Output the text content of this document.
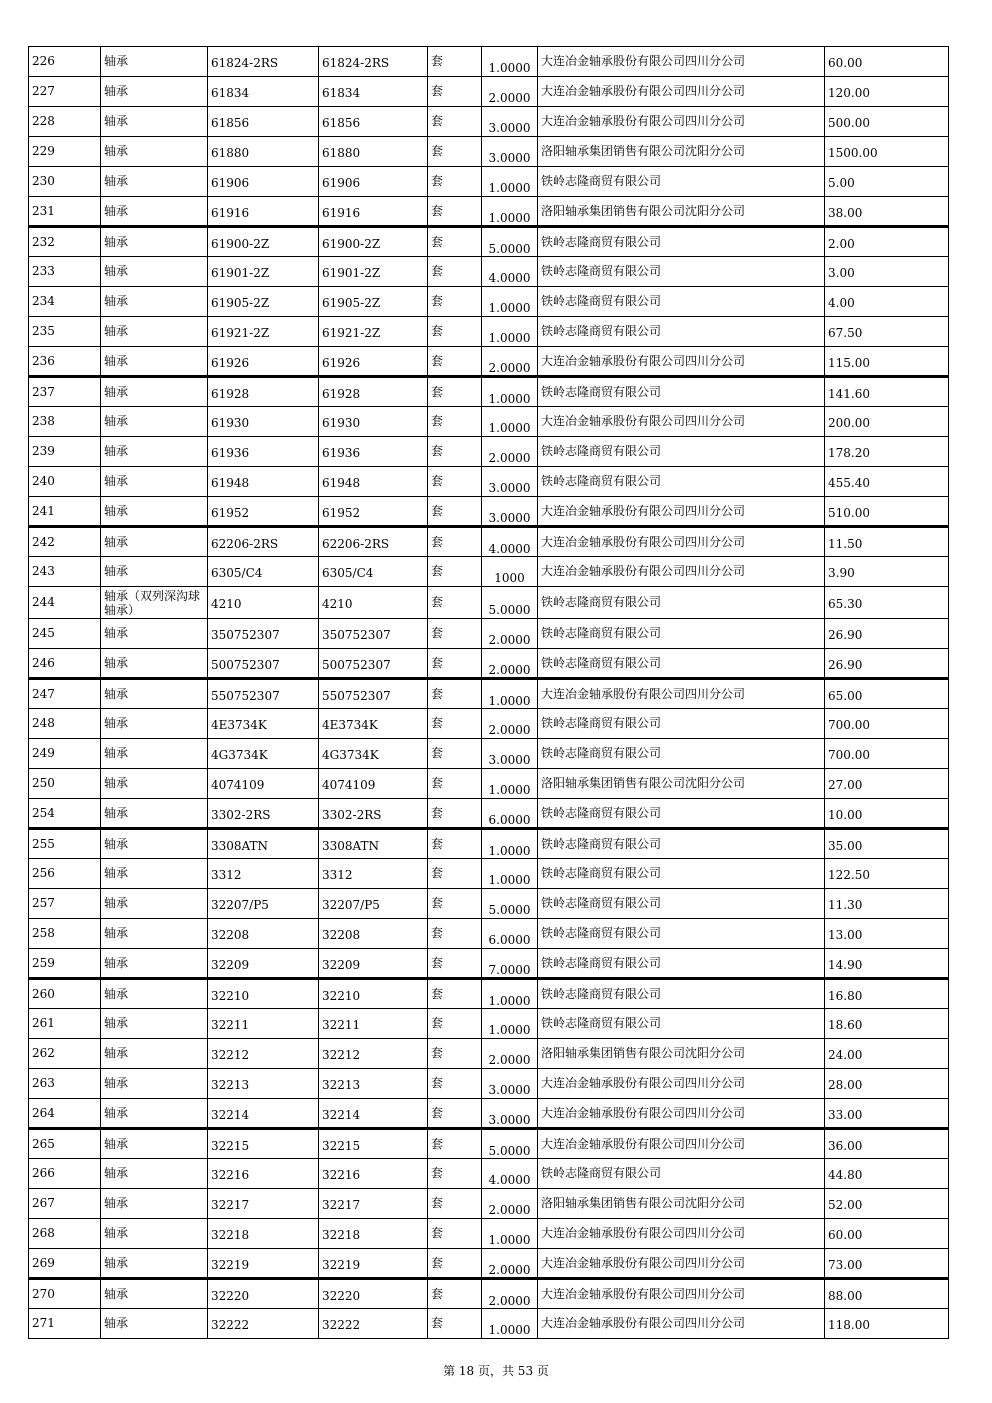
226	轴承	61824-2RS	61824-2RS	套	1.0000	大连冶金轴承股份有限公司四川分公司	60.00
227	轴承	61834	61834	套	2.0000	大连冶金轴承股份有限公司四川分公司	120.00
228	轴承	61856	61856	套	3.0000	大连冶金轴承股份有限公司四川分公司	500.00
229	轴承	61880	61880	套	3.0000	洛阳轴承集团销售有限公司沈阳分公司	1500.00
230	轴承	61906	61906	套	1.0000	铁岭志隆商贸有限公司	5.00
231	轴承	61916	61916	套	1.0000	洛阳轴承集团销售有限公司沈阳分公司	38.00
232	轴承	61900-2Z	61900-2Z	套	5.0000	铁岭志隆商贸有限公司	2.00
233	轴承	61901-2Z	61901-2Z	套	4.0000	铁岭志隆商贸有限公司	3.00
234	轴承	61905-2Z	61905-2Z	套	1.0000	铁岭志隆商贸有限公司	4.00
235	轴承	61921-2Z	61921-2Z	套	1.0000	铁岭志隆商贸有限公司	67.50
236	轴承	61926	61926	套	2.0000	大连冶金轴承股份有限公司四川分公司	115.00
237	轴承	61928	61928	套	1.0000	铁岭志隆商贸有限公司	141.60
238	轴承	61930	61930	套	1.0000	大连冶金轴承股份有限公司四川分公司	200.00
239	轴承	61936	61936	套	2.0000	铁岭志隆商贸有限公司	178.20
240	轴承	61948	61948	套	3.0000	铁岭志隆商贸有限公司	455.40
241	轴承	61952	61952	套	3.0000	大连冶金轴承股份有限公司四川分公司	510.00
242	轴承	62206-2RS	62206-2RS	套	4.0000	大连冶金轴承股份有限公司四川分公司	11.50
243	轴承	6305/C4	6305/C4	套	1000	大连冶金轴承股份有限公司四川分公司	3.90
244	轴承（双列深沟球轴承）	4210	4210	套	5.0000	铁岭志隆商贸有限公司	65.30
245	轴承	350752307	350752307	套	2.0000	铁岭志隆商贸有限公司	26.90
246	轴承	500752307	500752307	套	2.0000	铁岭志隆商贸有限公司	26.90
247	轴承	550752307	550752307	套	1.0000	大连冶金轴承股份有限公司四川分公司	65.00
248	轴承	4E3734K	4E3734K	套	2.0000	铁岭志隆商贸有限公司	700.00
249	轴承	4G3734K	4G3734K	套	3.0000	铁岭志隆商贸有限公司	700.00
250	轴承	4074109	4074109	套	1.0000	洛阳轴承集团销售有限公司沈阳分公司	27.00
254	轴承	3302-2RS	3302-2RS	套	6.0000	铁岭志隆商贸有限公司	10.00
255	轴承	3308ATN	3308ATN	套	1.0000	铁岭志隆商贸有限公司	35.00
256	轴承	3312	3312	套	1.0000	铁岭志隆商贸有限公司	122.50
257	轴承	32207/P5	32207/P5	套	5.0000	铁岭志隆商贸有限公司	11.30
258	轴承	32208	32208	套	6.0000	铁岭志隆商贸有限公司	13.00
259	轴承	32209	32209	套	7.0000	铁岭志隆商贸有限公司	14.90
260	轴承	32210	32210	套	1.0000	铁岭志隆商贸有限公司	16.80
261	轴承	32211	32211	套	1.0000	铁岭志隆商贸有限公司	18.60
262	轴承	32212	32212	套	2.0000	洛阳轴承集团销售有限公司沈阳分公司	24.00
263	轴承	32213	32213	套	3.0000	大连冶金轴承股份有限公司四川分公司	28.00
264	轴承	32214	32214	套	3.0000	大连冶金轴承股份有限公司四川分公司	33.00
265	轴承	32215	32215	套	5.0000	大连冶金轴承股份有限公司四川分公司	36.00
266	轴承	32216	32216	套	4.0000	铁岭志隆商贸有限公司	44.80
267	轴承	32217	32217	套	2.0000	洛阳轴承集团销售有限公司沈阳分公司	52.00
268	轴承	32218	32218	套	1.0000	大连冶金轴承股份有限公司四川分公司	60.00
269	轴承	32219	32219	套	2.0000	大连冶金轴承股份有限公司四川分公司	73.00
270	轴承	32220	32220	套	2.0000	大连冶金轴承股份有限公司四川分公司	88.00
271	轴承	32222	32222	套	1.0000	大连冶金轴承股份有限公司四川分公司	118.00
第 18 页，共 53 页
